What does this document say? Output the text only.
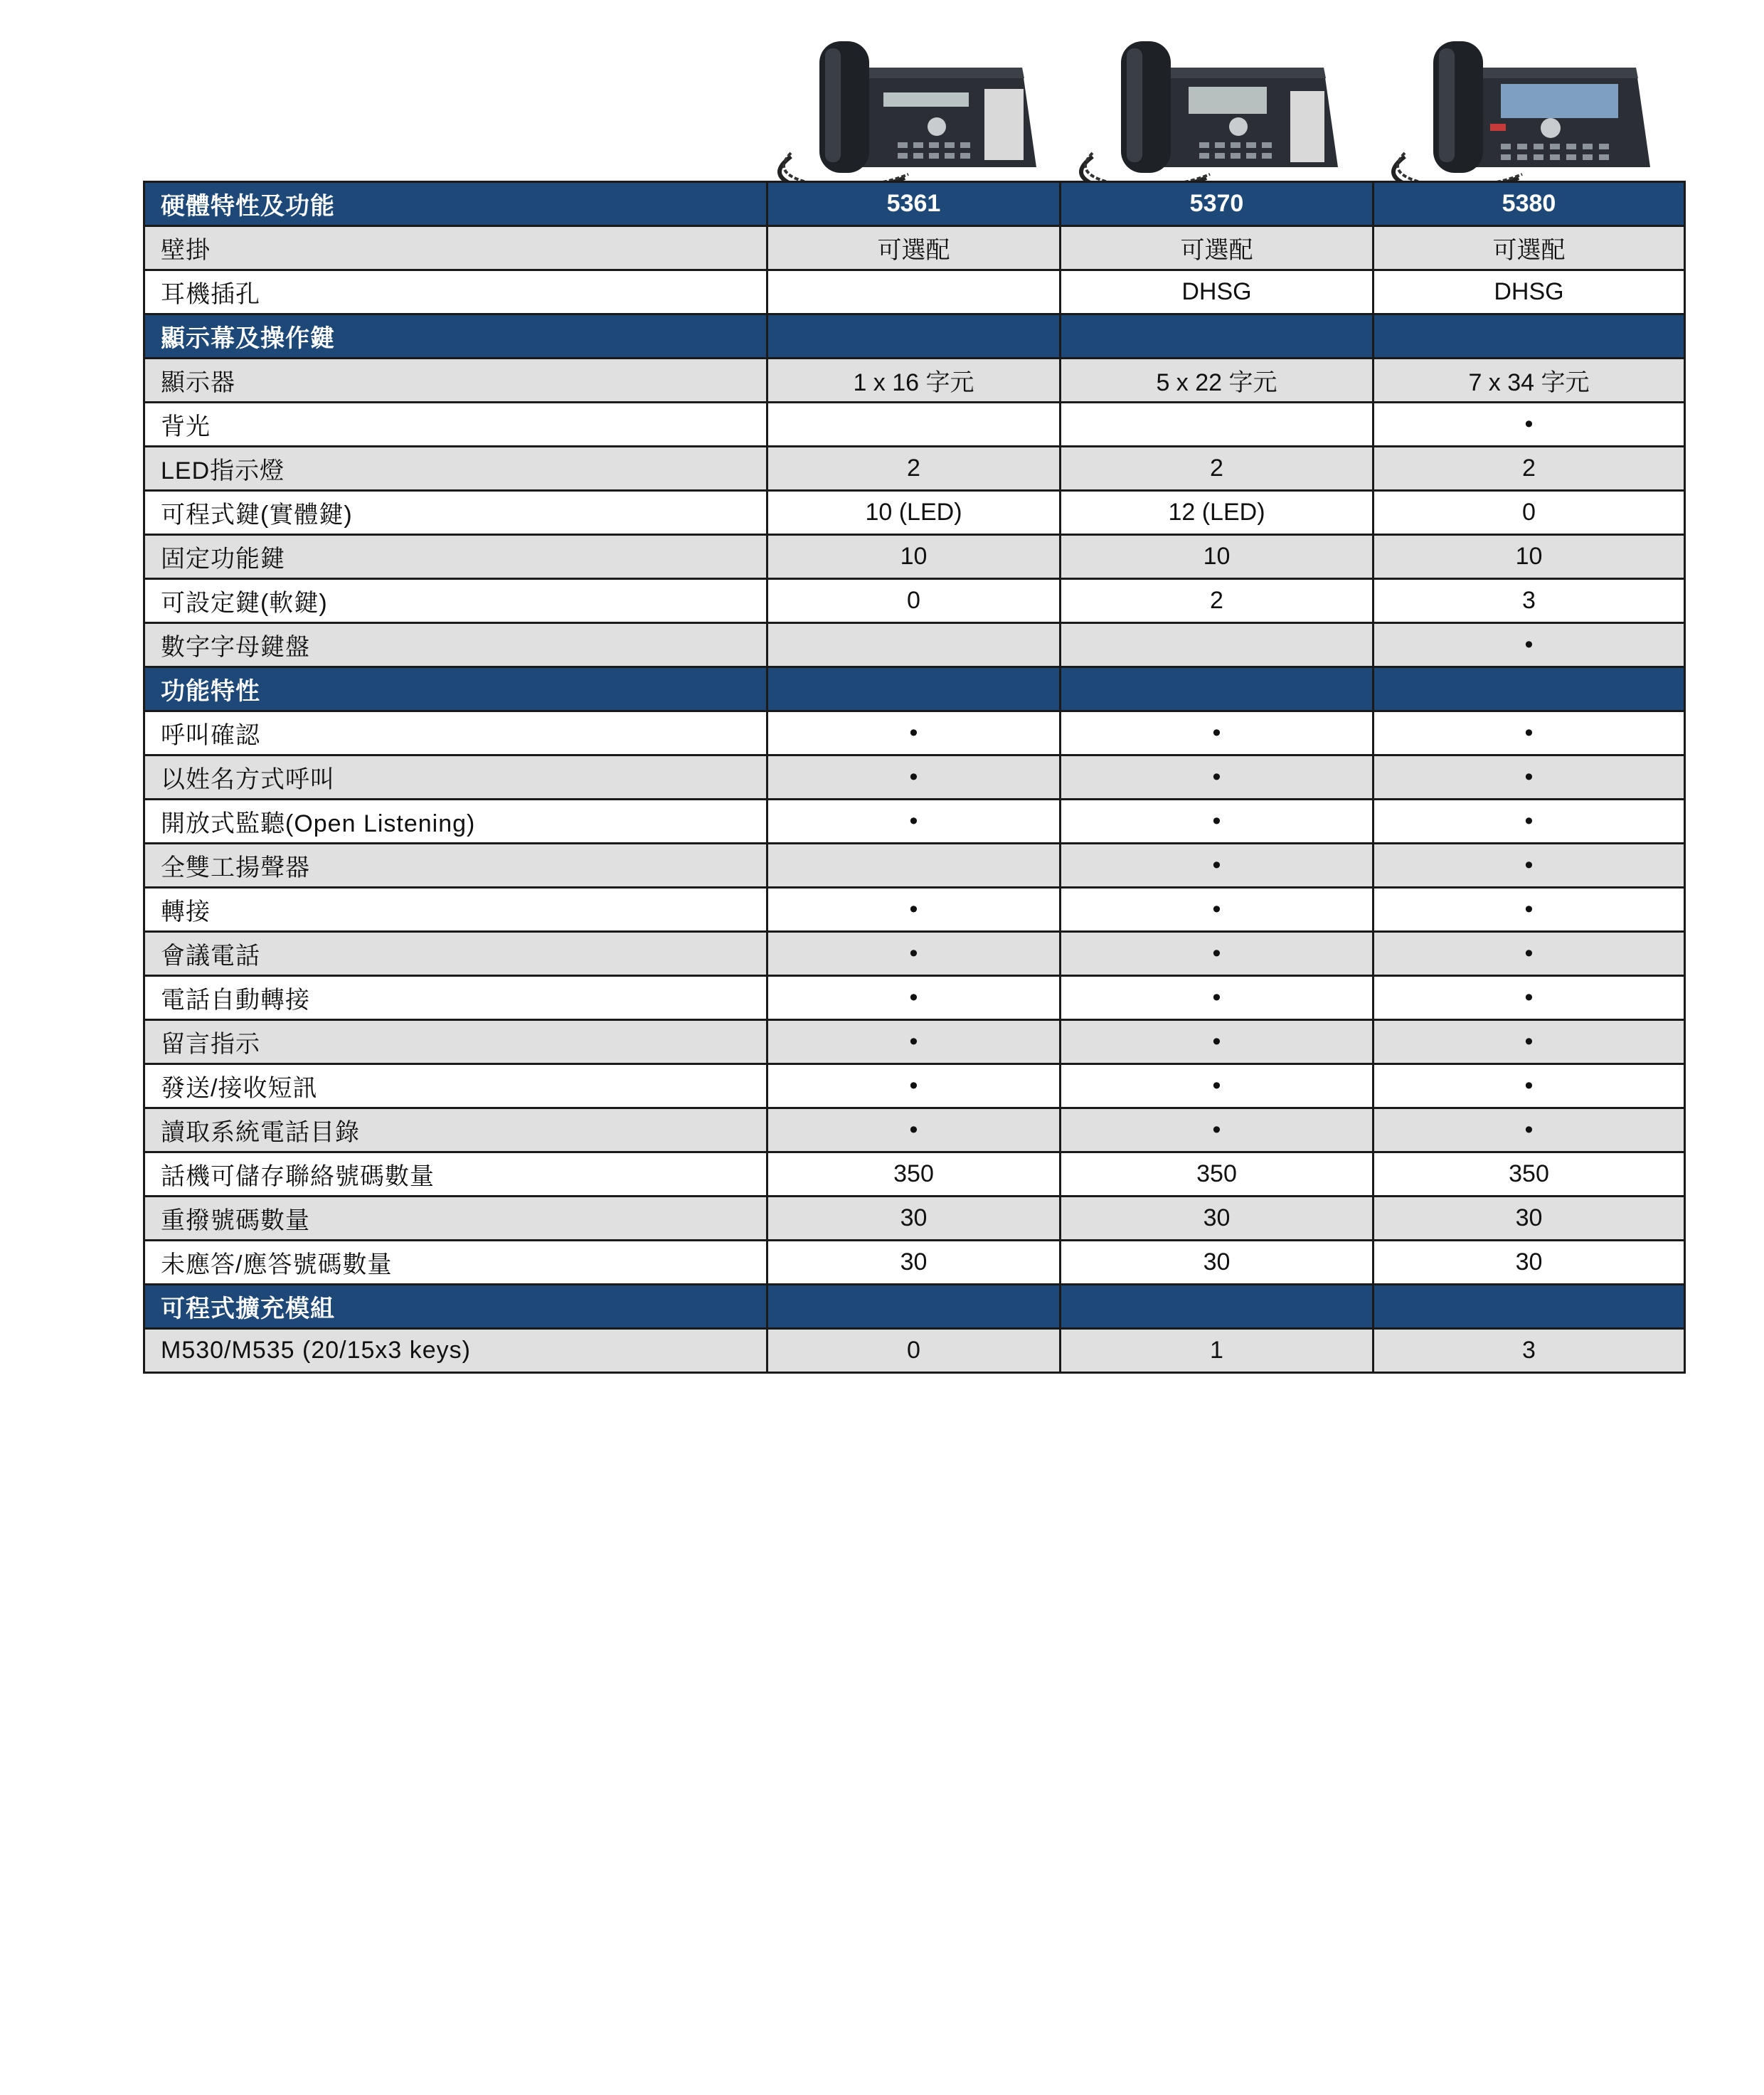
硬體特性及功能	5361	5370	5380
壁掛	可選配	可選配	可選配
耳機插孔		DHSG	DHSG
顯示幕及操作鍵			
顯示器	1 x 16 字元	5 x 22 字元	7 x 34 字元
背光			•
LED指示燈	2	2	2
可程式鍵(實體鍵)	10 (LED)	12 (LED)	0
固定功能鍵	10	10	10
可設定鍵(軟鍵)	0	2	3
數字字母鍵盤			•
功能特性			
呼叫確認	•	•	•
以姓名方式呼叫	•	•	•
開放式監聽(Open Listening)	•	•	•
全雙工揚聲器		•	•
轉接	•	•	•
會議電話	•	•	•
電話自動轉接	•	•	•
留言指示	•	•	•
發送/接收短訊	•	•	•
讀取系統電話目錄	•	•	•
話機可儲存聯絡號碼數量	350	350	350
重撥號碼數量	30	30	30
未應答/應答號碼數量	30	30	30
可程式擴充模組			
M530/M535 (20/15x3 keys)	0	1	3
